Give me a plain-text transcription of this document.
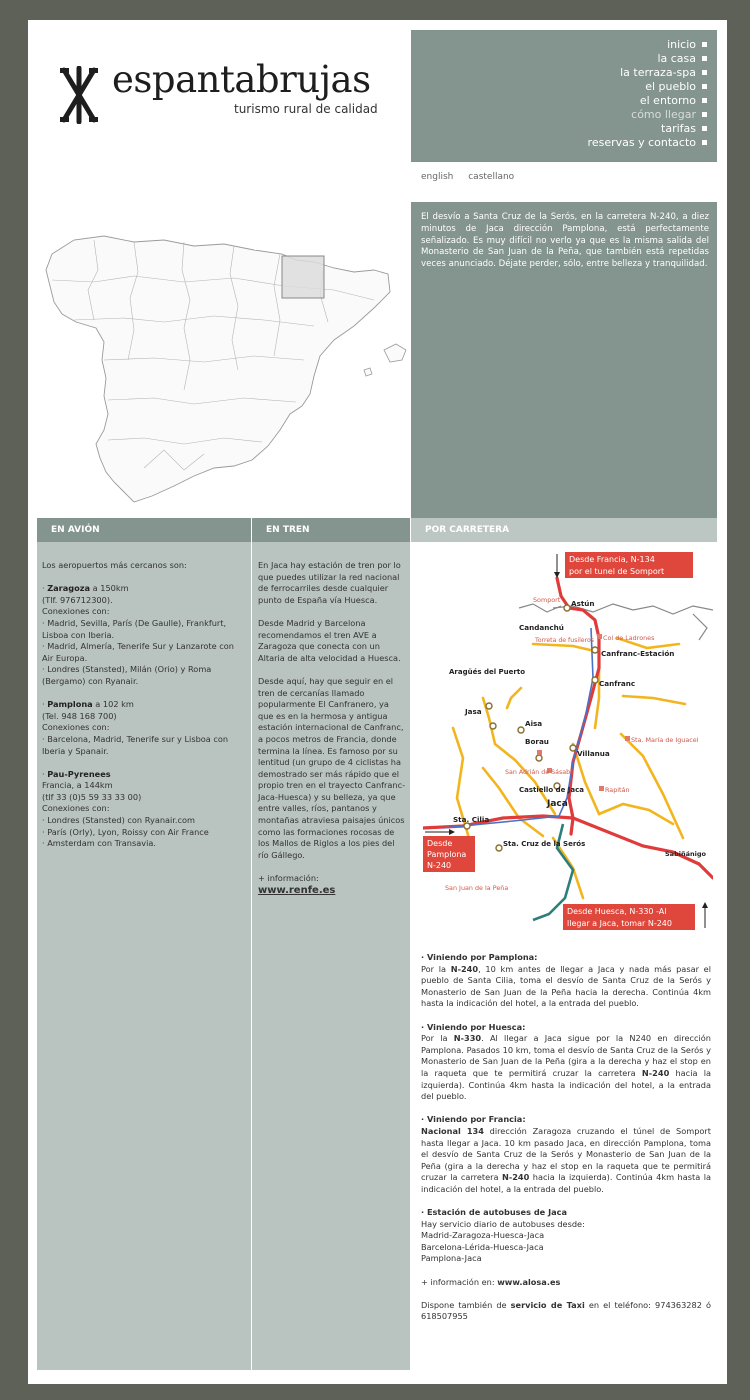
espantabrujas
turismo rural de calidad
inicio
la casa
la terraza-spa
el pueblo
el entorno
cómo llegar
tarifas
reservas y contacto
english castellano

El desvío a Santa Cruz de la Serós, en la carretera N-240, a diez minutos de Jaca dirección Pamplona, está perfectamente señalizado. Es muy difícil no verlo ya que es la misma salida del Monasterio de San Juan de la Peña, que también está repetidas veces anunciado. Déjate perder, sólo, entre belleza y tranquilidad.

EN AVIÓN

Los aeropuertos más cercanos son:

· Zaragoza a 150km
(Tlf. 976712300).
Conexiones con:
· Madrid, Sevilla, París (De Gaulle), Frankfurt, Lisboa con Iberia.
· Madrid, Almería, Tenerife Sur y Lanzarote con Air Europa.
· Londres (Stansted), Milán (Orio) y Roma (Bergamo) con Ryanair.

· Pamplona a 102 km
(Tel. 948 168 700)
Conexiones con:
· Barcelona, Madrid, Tenerife sur y Lisboa con Iberia y Spanair.

· Pau-Pyrenees
Francia, a 144km
(tlf 33 (0)5 59 33 33 00)
Conexiones con:
· Londres (Stansted) con Ryanair.com
· París (Orly), Lyon, Roissy con Air France
· Amsterdam con Transavia.

EN TREN

En Jaca hay estación de tren por lo que puedes utilizar la red nacional de ferrocarriles desde cualquier punto de España vía Huesca.

Desde Madrid y Barcelona recomendamos el tren AVE a Zaragoza que conecta con un Altaria de alta velocidad a Huesca.

Desde aquí, hay que seguir en el tren de cercanías llamado popularmente El Canfranero, ya que es en la hermosa y antigua estación internacional de Canfranc, a pocos metros de Francia, donde termina la línea. Es famoso por su lentitud (un grupo de 4 ciclistas ha demostrado ser más rápido que el propio tren en el trayecto Canfranc-Jaca-Huesca) y su belleza, ya que entre valles, ríos, pantanos y montañas atraviesa paisajes únicos como las formaciones rocosas de los Mallos de Riglos a los pies del río Gállego.

+ información:
www.renfe.es
POR CARRETERA
Astún
Candanchú
Canfranc-Estación
Canfranc
Jasa
Aisa
Borau
Villanua
Jaca
Sta. Cilia
Sabiñánigo
Somport
Col de Ladrones
Sta. María de Iguacel
Rapitán
San Juan de la Peña
Aragüés del Puerto
San Adrián de Sásabe
Castiello de Jaca
Sta. Cruz de la Serós
Torreta de fusileros
Desde Francia, N-134
por el tunel de Somport
Desde
Pamplona
N-240
Desde Huesca, N-330 -Al
llegar a Jaca, tomar N-240

· Viniendo por Pamplona:
Por la N-240, 10 km antes de llegar a Jaca y nada más pasar el pueblo de Santa Cilia, toma el desvío de Santa Cruz de la Serós y Monasterio de San Juan de la Peña hacia la derecha. Continúa 4km hasta la indicación del hotel, a la entrada del pueblo.

· Viniendo por Huesca:
Por la N-330. Al llegar a Jaca sigue por la N240 en dirección Pamplona. Pasados 10 km, toma el desvío de Santa Cruz de la Serós y Monasterio de San Juan de la Peña (gira a la derecha y haz el stop en la raqueta que te permitirá cruzar la carretera N-240 hacia la izquierda). Continúa 4km hasta la indicación del hotel, a la entrada del pueblo.

· Viniendo por Francia:
Nacional 134 dirección Zaragoza cruzando el túnel de Somport hasta llegar a Jaca. 10 km pasado Jaca, en dirección Pamplona, toma el desvío de Santa Cruz de la Serós y Monasterio de San Juan de la Peña (gira a la derecha y haz el stop en la raqueta que te permitirá cruzar la carretera N-240 hacia la izquierda). Continúa 4km hasta la indicación del hotel, a la entrada del pueblo.

· Estación de autobuses de Jaca
Hay servicio diario de autobuses desde:
Madrid-Zaragoza-Huesca-Jaca
Barcelona-Lérida-Huesca-Jaca
Pamplona-Jaca

+ información en: www.alosa.es

Dispone también de servicio de Taxi en el teléfono: 974363282 ó 618507955
